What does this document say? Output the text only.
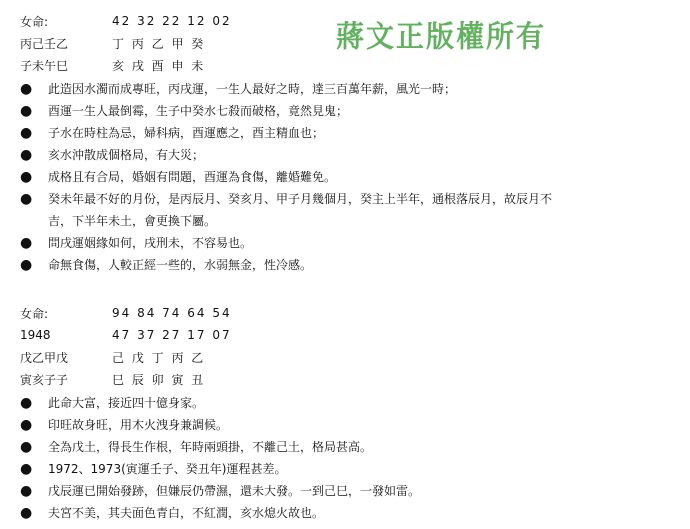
蔣文正版權所有
女命:	42 32 22 12 02
丙己壬乙	丁 丙 乙 甲 癸
子未午巳	亥 戌 酉 申 未
●	此造因水濁而成專旺，丙戌運，一生人最好之時，達三百萬年薪，風光一時；
●	酉運一生人最倒霉，生子中癸水七殺而破格，竟然見鬼；
●	子水在時柱為忌，婦科病，酉運應之，酉主精血也；
●	亥水沖散成個格局，有大災；
●	成格且有合局，婚姻有問題，酉運為食傷，離婚難免。
●	癸未年最不好的月份，是丙辰月、癸亥月、甲子月幾個月，癸主上半年，通根落辰月，故辰月不
吉，下半年未土，會更換下屬。
●	問戌運姻緣如何，戌刑未，不容易也。
●	命無食傷，人較正經一些的，水弱無金，性冷感。
女命:	94 84 74 64 54
1948	47 37 27 17 07
戊乙甲戊	己 戊 丁 丙 乙
寅亥子子	巳 辰 卯 寅 丑
●	此命大富，接近四十億身家。
●	印旺故身旺，用木火洩身兼調候。
●	全為戊土，得長生作根，年時兩頭掛，不離己土，格局甚高。
●	1972、1973(寅運壬子、癸丑年)運程甚差。
●	戊辰運已開始發跡，但嫌辰仍帶濕，還未大發。一到己巳，一發如雷。
●	夫宮不美，其夫面色青白，不紅潤，亥水熄火故也。
